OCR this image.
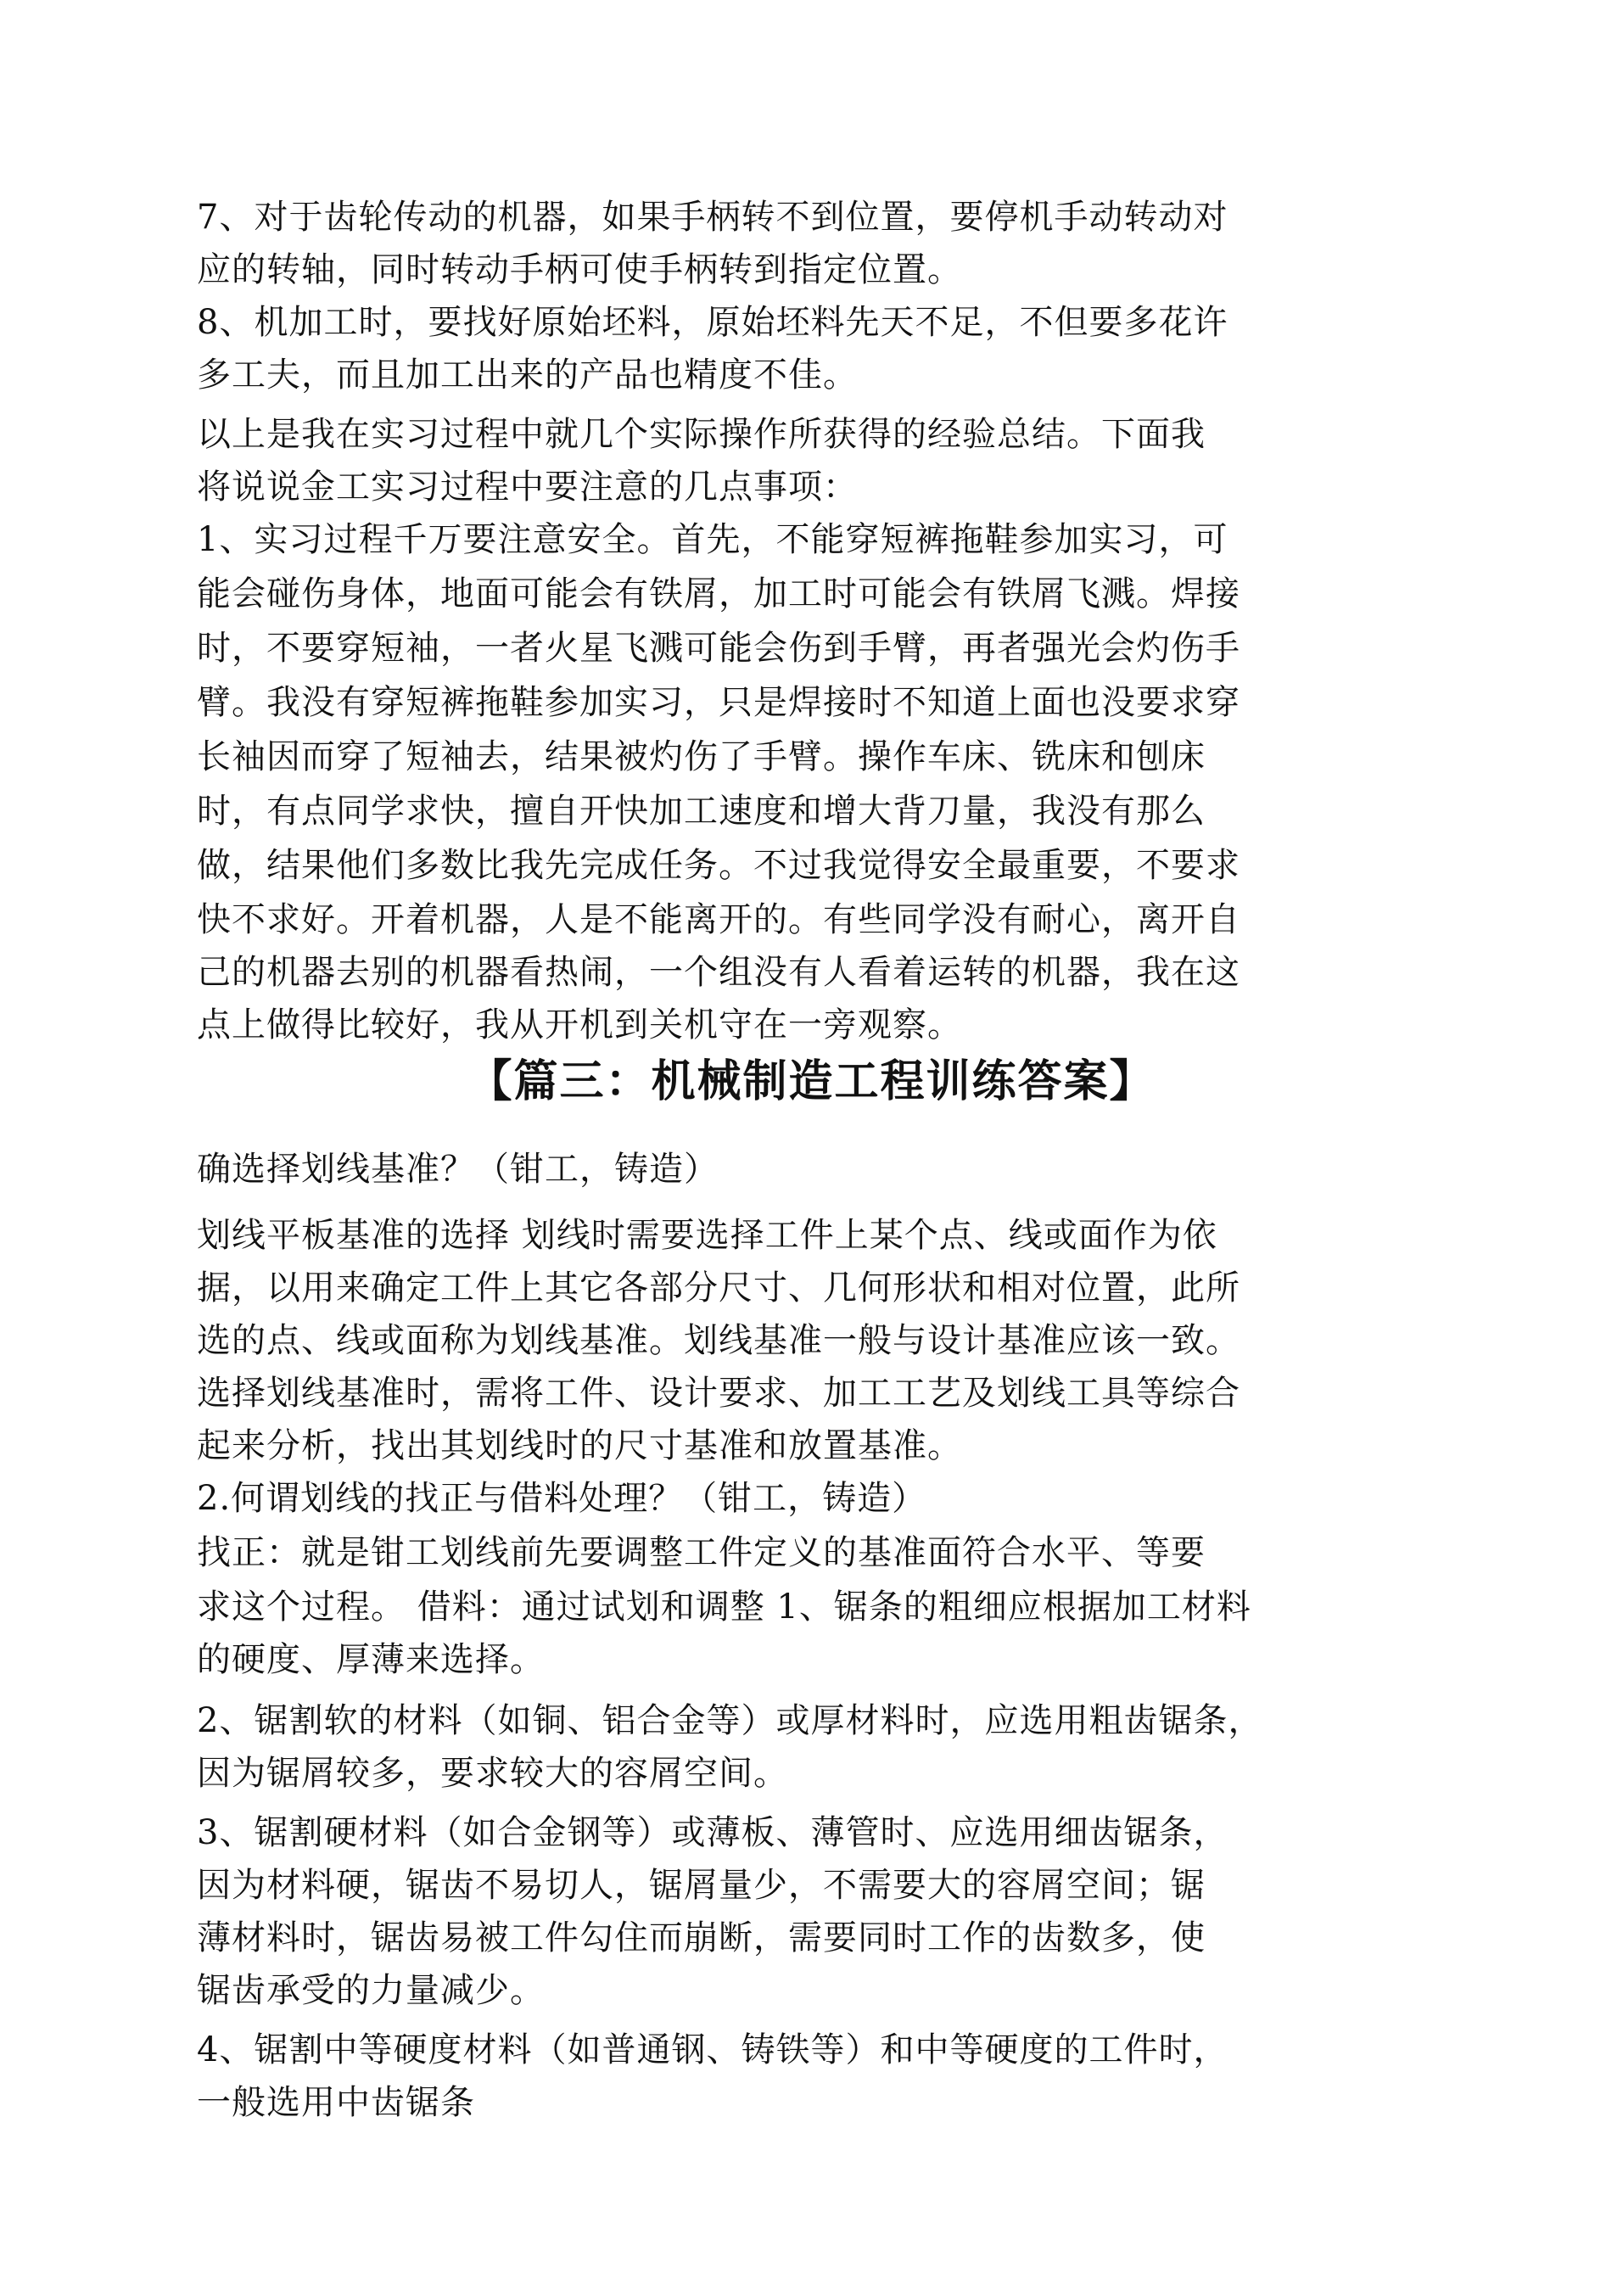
7、对于齿轮传动的机器，如果手柄转不到位置，要停机手动转动对
应的转轴，同时转动手柄可使手柄转到指定位置。
8、机加工时，要找好原始坯料，原始坯料先天不足，不但要多花许
多工夫，而且加工出来的产品也精度不佳。
以上是我在实习过程中就几个实际操作所获得的经验总结。下面我
将说说金工实习过程中要注意的几点事项：
1、实习过程千万要注意安全。首先，不能穿短裤拖鞋参加实习，可
能会碰伤身体，地面可能会有铁屑，加工时可能会有铁屑飞溅。焊接
时，不要穿短袖，一者火星飞溅可能会伤到手臂，再者强光会灼伤手
臂。我没有穿短裤拖鞋参加实习，只是焊接时不知道上面也没要求穿
长袖因而穿了短袖去，结果被灼伤了手臂。操作车床、铣床和刨床
时，有点同学求快，擅自开快加工速度和增大背刀量，我没有那么
做，结果他们多数比我先完成任务。不过我觉得安全最重要，不要求
快不求好。开着机器，人是不能离开的。有些同学没有耐心，离开自
己的机器去别的机器看热闹，一个组没有人看着运转的机器，我在这
点上做得比较好，我从开机到关机守在一旁观察。
【篇三：机械制造工程训练答案】
确选择划线基准？（钳工，铸造）
划线平板基准的选择 划线时需要选择工件上某个点、线或面作为依
据，以用来确定工件上其它各部分尺寸、几何形状和相对位置，此所
选的点、线或面称为划线基准。划线基准一般与设计基准应该一致。
选择划线基准时，需将工件、设计要求、加工工艺及划线工具等综合
起来分析，找出其划线时的尺寸基准和放置基准。
2.何谓划线的找正与借料处理？（钳工，铸造）
找正：就是钳工划线前先要调整工件定义的基准面符合水平、等要
求这个过程。 借料：通过试划和调整 1、锯条的粗细应根据加工材料
的硬度、厚薄来选择。
2、锯割软的材料（如铜、铝合金等）或厚材料时，应选用粗齿锯条，
因为锯屑较多，要求较大的容屑空间。
3、锯割硬材料（如合金钢等）或薄板、薄管时、应选用细齿锯条，
因为材料硬，锯齿不易切人，锯屑量少，不需要大的容屑空间；锯
薄材料时，锯齿易被工件勾住而崩断，需要同时工作的齿数多，使
锯齿承受的力量减少。
4、锯割中等硬度材料（如普通钢、铸铁等）和中等硬度的工件时，
一般选用中齿锯条
